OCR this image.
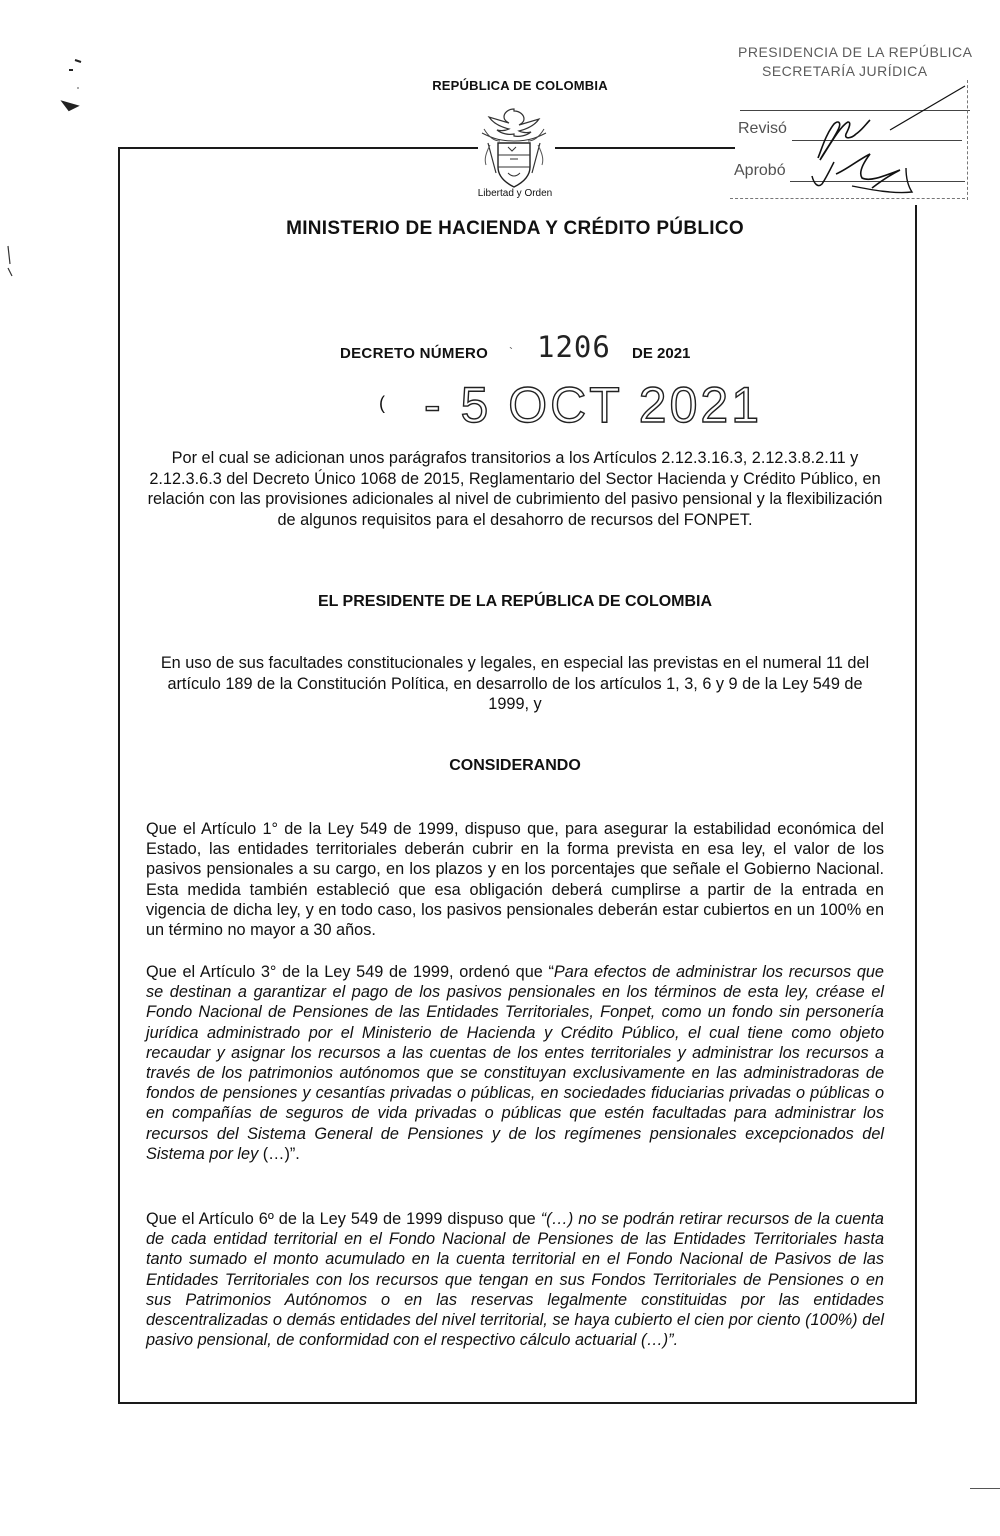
REPÚBLICA DE COLOMBIA
Libertad y Orden
MINISTERIO DE HACIENDA Y CRÉDITO PÚBLICO
PRESIDENCIA DE LA REPÚBLICA
SECRETARÍA JURÍDICA
Revisó
Aprobó
DECRETO NÚMERO ` 1206 DE 2021
( - 5 OCT 2021
Por el cual se adicionan unos parágrafos transitorios a los Artículos 2.12.3.16.3, 2.12.3.8.2.11 y 2.12.3.6.3 del Decreto Único 1068 de 2015, Reglamentario del Sector Hacienda y Crédito Público, en relación con las provisiones adicionales al nivel de cubrimiento del pasivo pensional y la flexibilización de algunos requisitos para el desahorro de recursos del FONPET.
EL PRESIDENTE DE LA REPÚBLICA DE COLOMBIA
En uso de sus facultades constitucionales y legales, en especial las previstas en el numeral 11 del artículo 189 de la Constitución Política, en desarrollo de los artículos 1, 3, 6 y 9 de la Ley 549 de 1999, y
CONSIDERANDO
Que el Artículo 1° de la Ley 549 de 1999, dispuso que, para asegurar la estabilidad económica del Estado, las entidades territoriales deberán cubrir en la forma prevista en esa ley, el valor de los pasivos pensionales a su cargo, en los plazos y en los porcentajes que señale el Gobierno Nacional. Esta medida también estableció que esa obligación deberá cumplirse a partir de la entrada en vigencia de dicha ley, y en todo caso, los pasivos pensionales deberán estar cubiertos en un 100% en un término no mayor a 30 años.
Que el Artículo 3° de la Ley 549 de 1999, ordenó que “Para efectos de administrar los recursos que se destinan a garantizar el pago de los pasivos pensionales en los términos de esta ley, créase el Fondo Nacional de Pensiones de las Entidades Territoriales, Fonpet, como un fondo sin personería jurídica administrado por el Ministerio de Hacienda y Crédito Público, el cual tiene como objeto recaudar y asignar los recursos a las cuentas de los entes territoriales y administrar los recursos a través de los patrimonios autónomos que se constituyan exclusivamente en las administradoras de fondos de pensiones y cesantías privadas o públicas, en sociedades fiduciarias privadas o públicas o en compañías de seguros de vida privadas o públicas que estén facultadas para administrar los recursos del Sistema General de Pensiones y de los regímenes pensionales excepcionados del Sistema por ley (…)”.
Que el Artículo 6º de la Ley 549 de 1999 dispuso que “(…) no se podrán retirar recursos de la cuenta de cada entidad territorial en el Fondo Nacional de Pensiones de las Entidades Territoriales hasta tanto sumado el monto acumulado en la cuenta territorial en el Fondo Nacional de Pasivos de las Entidades Territoriales con los recursos que tengan en sus Fondos Territoriales de Pensiones o en sus Patrimonios Autónomos o en las reservas legalmente constituidas por las entidades descentralizadas o demás entidades del nivel territorial, se haya cubierto el cien por ciento (100%) del pasivo pensional, de conformidad con el respectivo cálculo actuarial (…)”.
